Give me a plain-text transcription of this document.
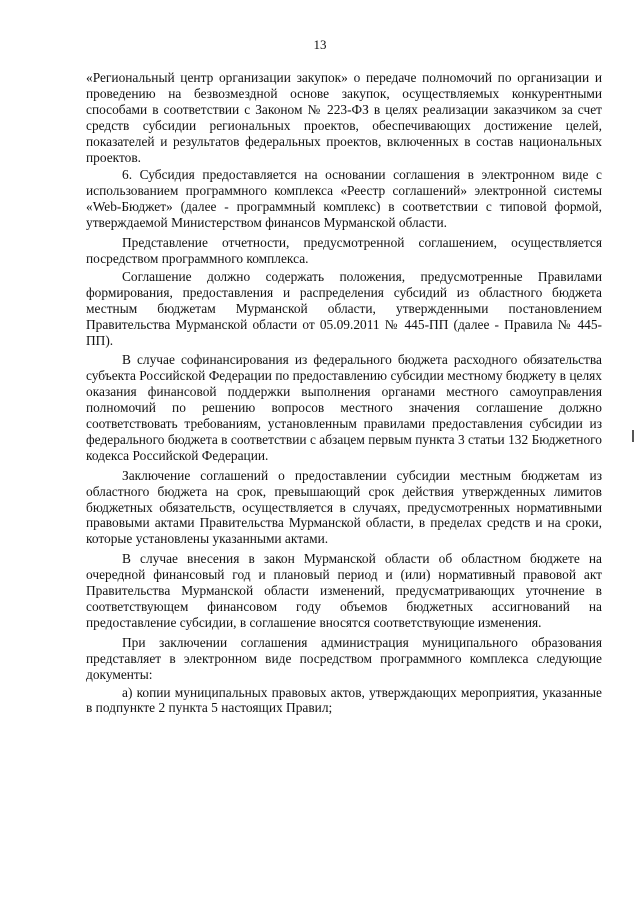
13

«Региональный центр организации закупок» о передаче полномочий по организации и проведению на безвозмездной основе закупок, осуществляемых конкурентными способами в соответствии с Законом № 223-ФЗ в целях реализации заказчиком за счет средств субсидии региональных проектов, обеспечивающих достижение целей, показателей и результатов федеральных проектов, включенных в состав национальных проектов.

6. Субсидия предоставляется на основании соглашения в электронном виде с использованием программного комплекса «Реестр соглашений» электронной системы «Web-Бюджет» (далее - программный комплекс) в соответствии с типовой формой, утверждаемой Министерством финансов Мурманской области.

Представление отчетности, предусмотренной соглашением, осуществляется посредством программного комплекса.

Соглашение должно содержать положения, предусмотренные Правилами формирования, предоставления и распределения субсидий из областного бюджета местным бюджетам Мурманской области, утвержденными постановлением Правительства Мурманской области от 05.09.2011 № 445-ПП (далее - Правила № 445-ПП).

В случае софинансирования из федерального бюджета расходного обязательства субъекта Российской Федерации по предоставлению субсидии местному бюджету в целях оказания финансовой поддержки выполнения органами местного самоуправления полномочий по решению вопросов местного значения соглашение должно соответствовать требованиям, установленным правилами предоставления субсидии из федерального бюджета в соответствии с абзацем первым пункта 3 статьи 132 Бюджетного кодекса Российской Федерации.

Заключение соглашений о предоставлении субсидии местным бюджетам из областного бюджета на срок, превышающий срок действия утвержденных лимитов бюджетных обязательств, осуществляется в случаях, предусмотренных нормативными правовыми актами Правительства Мурманской области, в пределах средств и на сроки, которые установлены указанными актами.

В случае внесения в закон Мурманской области об областном бюджете на очередной финансовый год и плановый период и (или) нормативный правовой акт Правительства Мурманской области изменений, предусматривающих уточнение в соответствующем финансовом году объемов бюджетных ассигнований на предоставление субсидии, в соглашение вносятся соответствующие изменения.

При заключении соглашения администрация муниципального образования представляет в электронном виде посредством программного комплекса следующие документы:

а) копии муниципальных правовых актов, утверждающих мероприятия, указанные в подпункте 2 пункта 5 настоящих Правил;
